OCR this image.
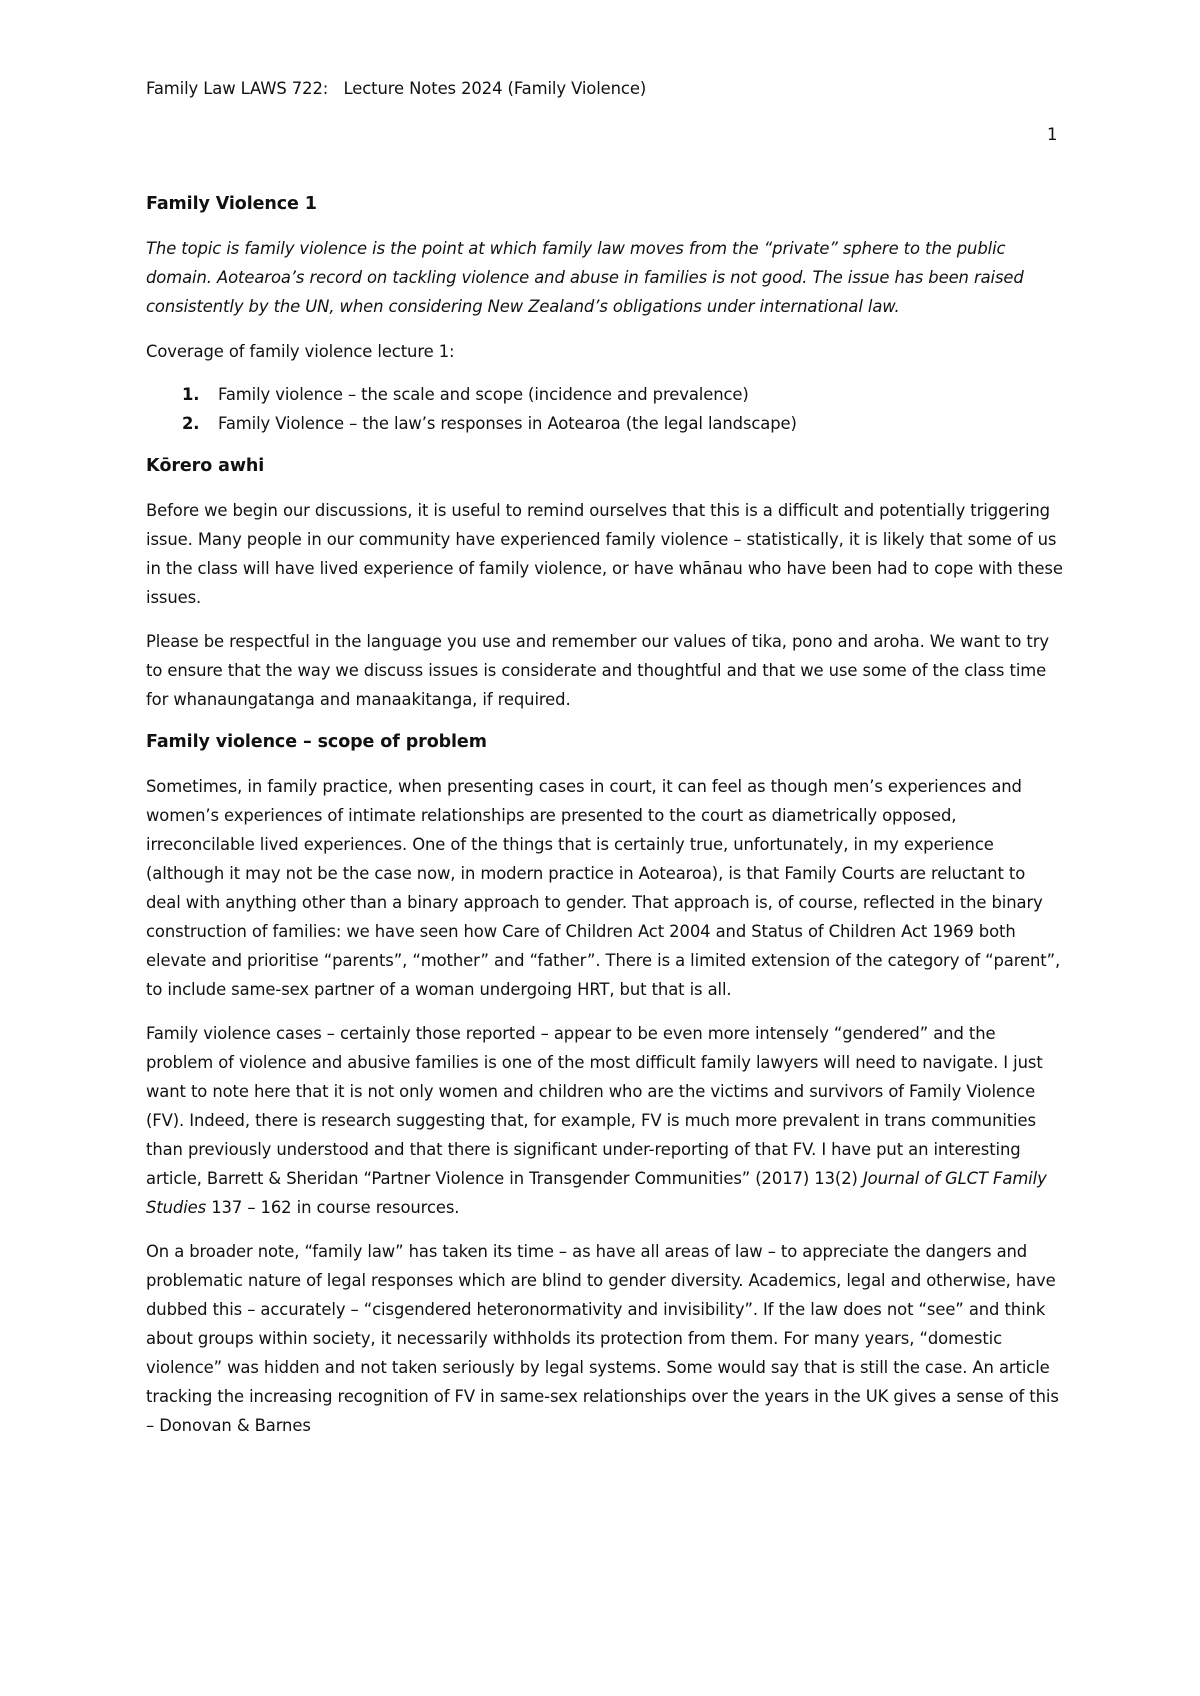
1

Family Law LAWS 722:   Lecture Notes 2024 (Family Violence)

Family Violence 1

The topic is family violence is the point at which family law moves from the “private” sphere to the public domain. Aotearoa’s record on tackling violence and abuse in families is not good. The issue has been raised consistently by the UN, when considering New Zealand’s obligations under international law.

Coverage of family violence lecture 1:

1. Family violence – the scale and scope (incidence and prevalence)
2. Family Violence – the law’s responses in Aotearoa (the legal landscape)
Kōrero awhi

Before we begin our discussions, it is useful to remind ourselves that this is a difficult and potentially triggering issue. Many people in our community have experienced family violence – statistically, it is likely that some of us in the class will have lived experience of family violence, or have whānau who have been had to cope with these issues.

Please be respectful in the language you use and remember our values of tika, pono and aroha. We want to try to ensure that the way we discuss issues is considerate and thoughtful and that we use some of the class time for whanaungatanga and manaakitanga, if required.

Family violence – scope of problem

Sometimes, in family practice, when presenting cases in court, it can feel as though men’s experiences and women’s experiences of intimate relationships are presented to the court as diametrically opposed, irreconcilable lived experiences. One of the things that is certainly true, unfortunately, in my experience (although it may not be the case now, in modern practice in Aotearoa), is that Family Courts are reluctant to deal with anything other than a binary approach to gender. That approach is, of course, reflected in the binary construction of families: we have seen how Care of Children Act 2004 and Status of Children Act 1969 both elevate and prioritise “parents”, “mother” and “father”. There is a limited extension of the category of “parent”, to include same-sex partner of a woman undergoing HRT, but that is all.

Family violence cases – certainly those reported – appear to be even more intensely “gendered” and the problem of violence and abusive families is one of the most difficult family lawyers will need to navigate. I just want to note here that it is not only women and children who are the victims and survivors of Family Violence (FV). Indeed, there is research suggesting that, for example, FV is much more prevalent in trans communities than previously understood and that there is significant under-reporting of that FV. I have put an interesting article, Barrett & Sheridan “Partner Violence in Transgender Communities” (2017) 13(2) Journal of GLCT Family Studies 137 – 162 in course resources.

On a broader note, “family law” has taken its time – as have all areas of law – to appreciate the dangers and problematic nature of legal responses which are blind to gender diversity. Academics, legal and otherwise, have dubbed this – accurately – “cisgendered heteronormativity and invisibility”. If the law does not “see” and think about groups within society, it necessarily withholds its protection from them. For many years, “domestic violence” was hidden and not taken seriously by legal systems. Some would say that is still the case. An article tracking the increasing recognition of FV in same-sex relationships over the years in the UK gives a sense of this – Donovan & Barnes
